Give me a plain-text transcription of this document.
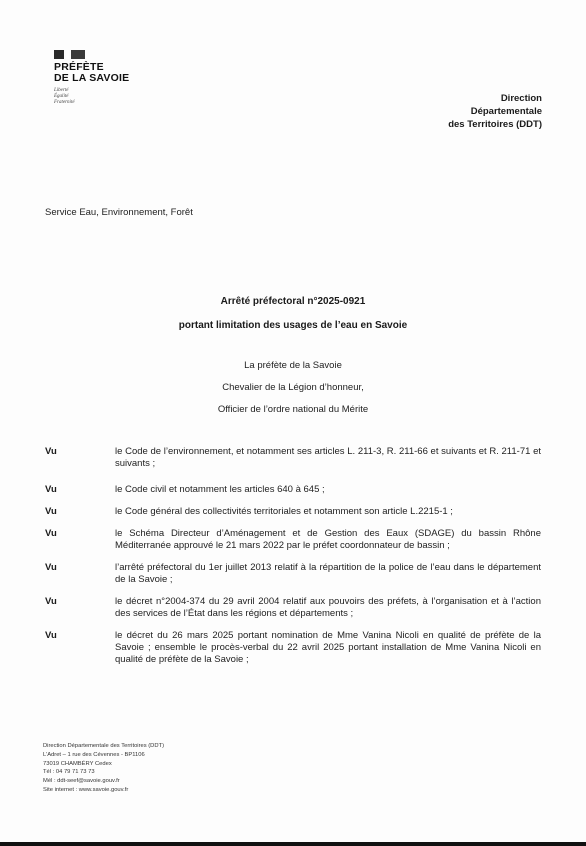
PRÉFÈTE
DE LA SAVOIE
Liberté
Égalité
Fraternité	Direction
Départementale
des Territoires (DDT)
Service Eau, Environnement, Forêt
Arrêté préfectoral n°2025-0921
portant limitation des usages de l’eau en Savoie
La préfète de la Savoie
Chevalier de la Légion d’honneur,
Officier de l’ordre national du Mérite
Vu	le Code de l’environnement, et notamment ses articles L. 211-3, R. 211-66 et suivants et R. 211-71 et suivants ;
Vu	le Code civil et notamment les articles 640 à 645 ;
Vu	le Code général des collectivités territoriales et notamment son article L.2215-1 ;
Vu	le Schéma Directeur d’Aménagement et de Gestion des Eaux (SDAGE) du bassin Rhône Méditerranée approuvé le 21 mars 2022 par le préfet coordonnateur de bassin ;
Vu	l’arrêté préfectoral du 1er juillet 2013 relatif à la répartition de la police de l’eau dans le département de la Savoie ;
Vu	le décret n°2004-374 du 29 avril 2004 relatif aux pouvoirs des préfets, à l’organisation et à l’action des services de l’État dans les régions et départements ;
Vu	le décret du 26 mars 2025 portant nomination de Mme Vanina Nicoli en qualité de préfète de la Savoie ; ensemble le procès-verbal du 22 avril 2025 portant installation de Mme Vanina Nicoli en qualité de préfète de la Savoie ;
Direction Départementale des Territoires (DDT)
L’Adret – 1 rue des Cévennes - BP1106
73019 CHAMBÉRY Cedex
Tél : 04 79 71 73 73
Mél : ddt-seef@savoie.gouv.fr
Site internet : www.savoie.gouv.fr
